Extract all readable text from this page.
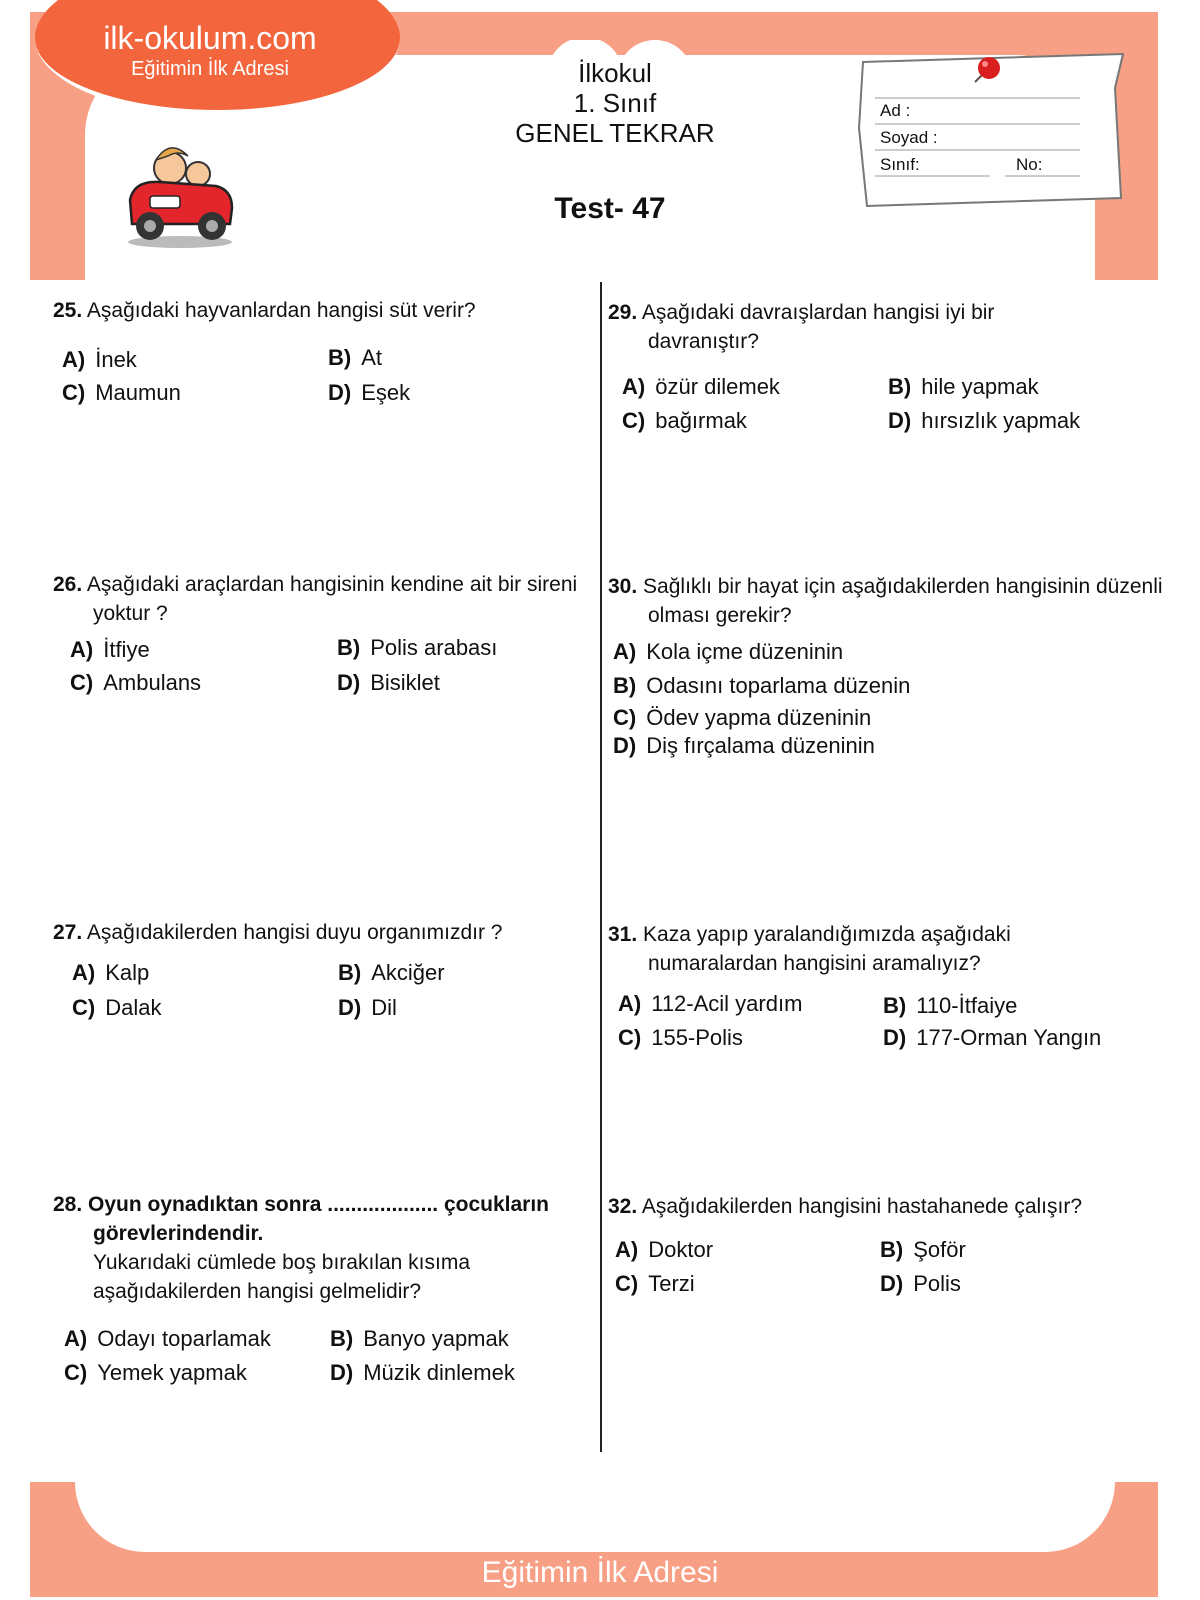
ilk-okulum.com
Eğitimin İlk Adresi	İlkokul
1. Sınıf
GENEL TEKRAR
Test- 47
Ad :
Soyad :
Sınıf:	No:
25. Aşağıdaki hayvanlardan hangisi süt verir?
A) İnek	B) At
C) Maumun	D) Eşek
26. Aşağıdaki araçlardan hangisinin kendine ait bir sireni yoktur ?
A) İtfiye	B) Polis arabası
C) Ambulans	D) Bisiklet
27. Aşağıdakilerden hangisi duyu organımızdır ?
A) Kalp	B) Akciğer
C) Dalak	D) Dil
28. Oyun oynadıktan sonra ................... çocukların görevlerindendir.
Yukarıdaki cümlede boş bırakılan kısıma aşağıdakilerden hangisi gelmelidir?
A) Odayı toparlamak	B) Banyo yapmak
C) Yemek yapmak	D) Müzik dinlemek
29. Aşağıdaki davraışlardan hangisi iyi bir davranıştır?
A) özür dilemek	B) hile yapmak
C) bağırmak	D) hırsızlık yapmak
30. Sağlıklı bir hayat için aşağıdakilerden hangisinin düzenli olması gerekir?
A) Kola içme düzeninin
B) Odasını toparlama düzenin
C) Ödev yapma düzeninin
D) Diş fırçalama düzeninin
31. Kaza yapıp yaralandığımızda aşağıdaki numaralardan hangisini aramalıyız?
A) 112-Acil yardım	B) 110-İtfaiye
C) 155-Polis	D) 177-Orman Yangın
32. Aşağıdakilerden hangisini hastahanede çalışır?
A) Doktor	B) Şoför
C) Terzi	D) Polis
ilk-okulum.com
Eğitimin İlk Adresi
